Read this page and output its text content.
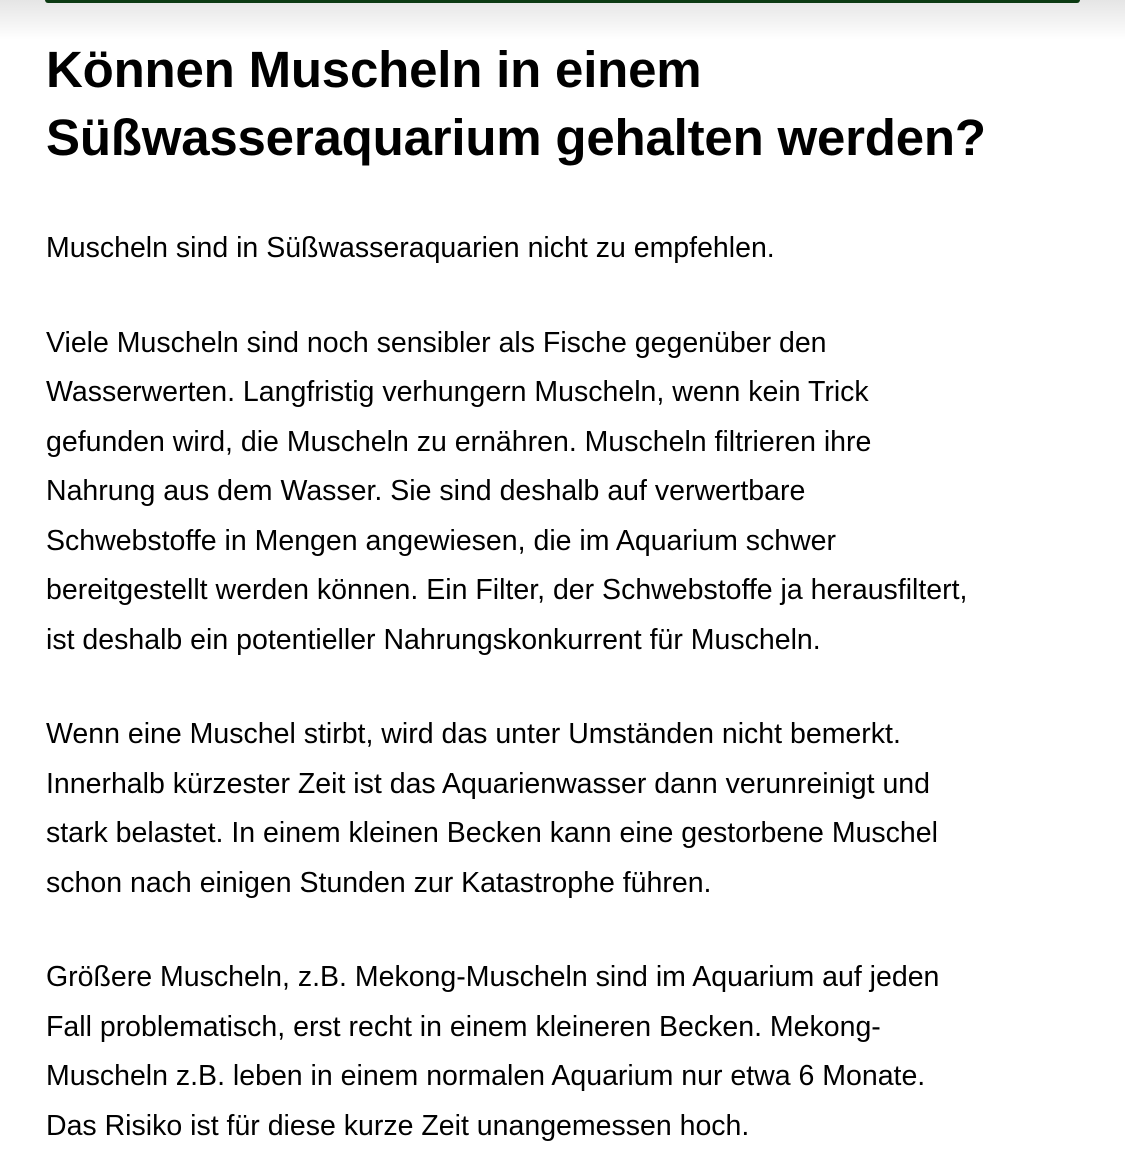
Können Muscheln in einem
Süßwasseraquarium gehalten werden?

Muscheln sind in Süßwasseraquarien nicht zu empfehlen.

Viele Muscheln sind noch sensibler als Fische gegenüber den
Wasserwerten. Langfristig verhungern Muscheln, wenn kein Trick
gefunden wird, die Muscheln zu ernähren. Muscheln filtrieren ihre
Nahrung aus dem Wasser. Sie sind deshalb auf verwertbare
Schwebstoffe in Mengen angewiesen, die im Aquarium schwer
bereitgestellt werden können. Ein Filter, der Schwebstoffe ja herausfiltert,
ist deshalb ein potentieller Nahrungskonkurrent für Muscheln.

Wenn eine Muschel stirbt, wird das unter Umständen nicht bemerkt.
Innerhalb kürzester Zeit ist das Aquarienwasser dann verunreinigt und
stark belastet. In einem kleinen Becken kann eine gestorbene Muschel
schon nach einigen Stunden zur Katastrophe führen.

Größere Muscheln, z.B. Mekong-Muscheln sind im Aquarium auf jeden
Fall problematisch, erst recht in einem kleineren Becken. Mekong-
Muscheln z.B. leben in einem normalen Aquarium nur etwa 6 Monate.
Das Risiko ist für diese kurze Zeit unangemessen hoch.
